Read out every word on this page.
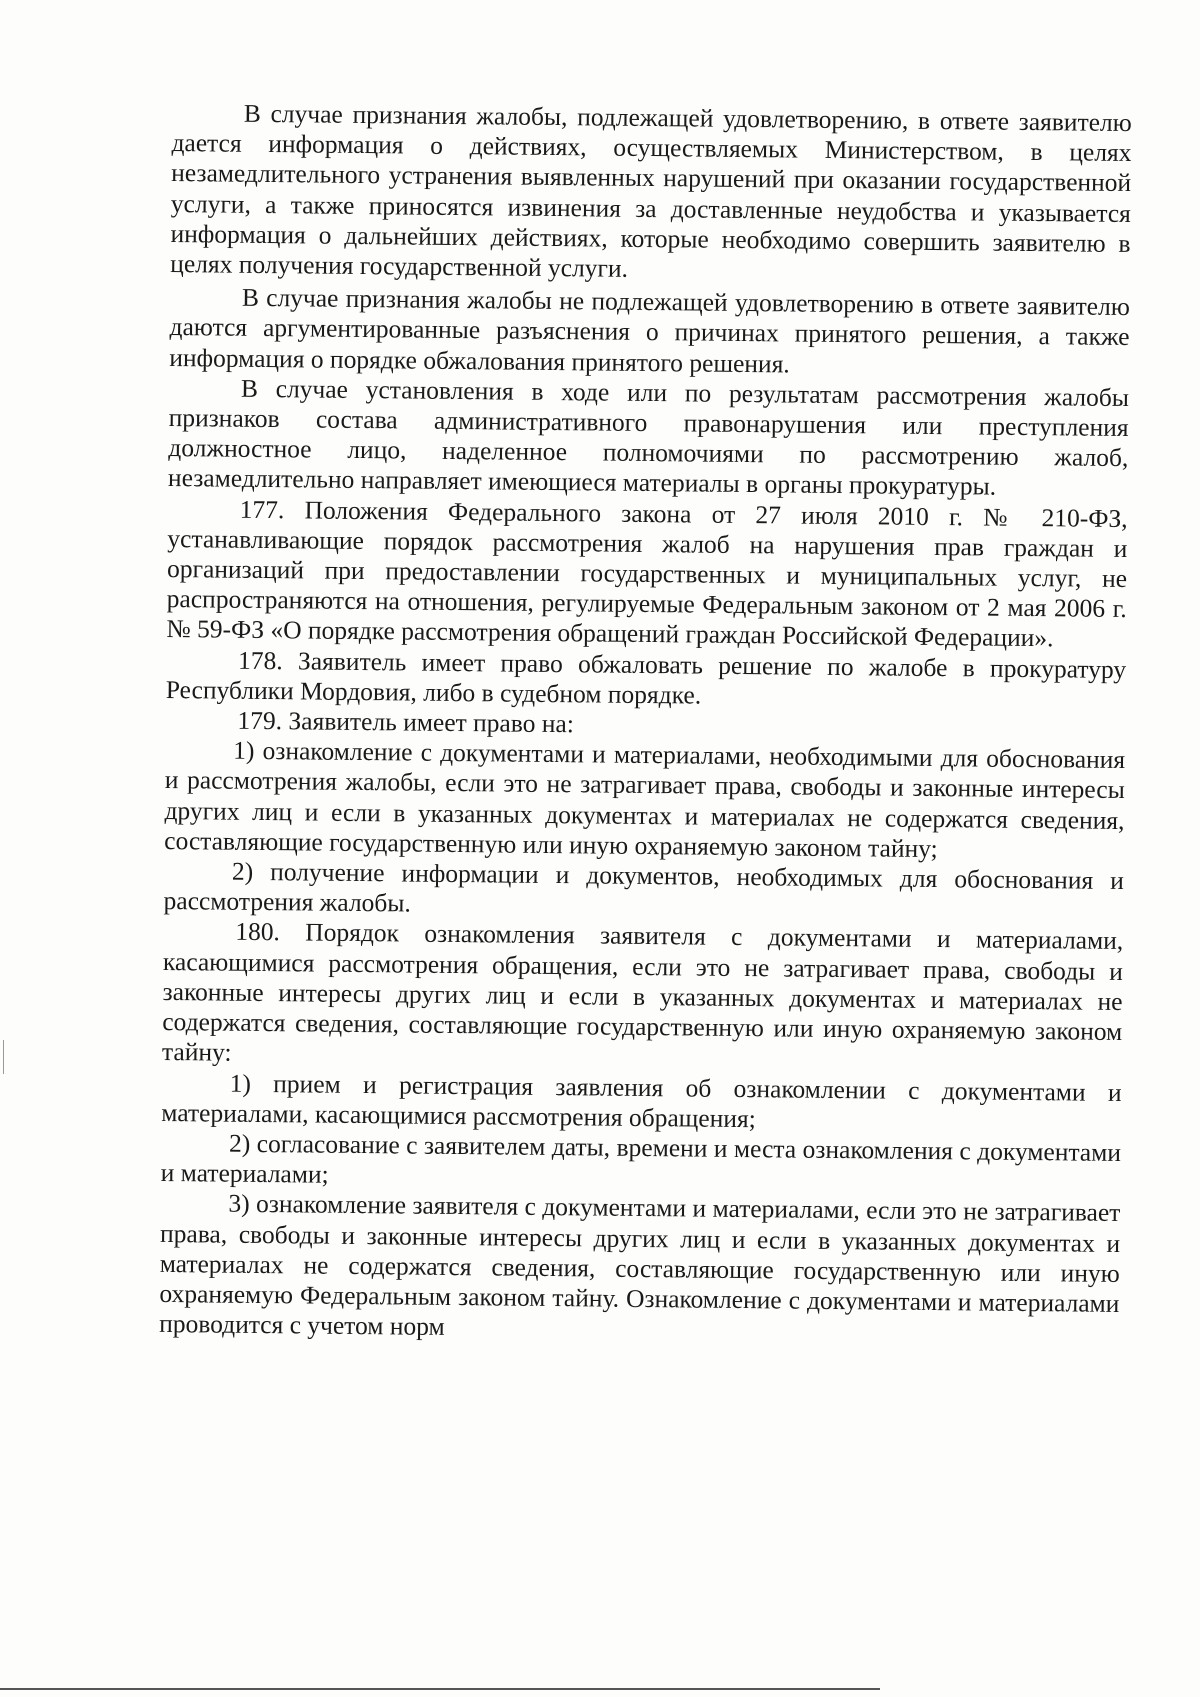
В случае признания жалобы, подлежащей удовлетворению, в ответе заявителю дается информация о действиях, осуществляемых Министерством, в целях незамедлительного устранения выявленных нарушений при оказании государственной услуги, а также приносятся извинения за доставленные неудобства и указывается информация о дальнейших действиях, которые необходимо совершить заявителю в целях получения государственной услуги.

В случае признания жалобы не подлежащей удовлетворению в ответе заявителю даются аргументированные разъяснения о причинах принятого решения, а также информация о порядке обжалования принятого решения.

В случае установления в ходе или по результатам рассмотрения жалобы признаков состава административного правонарушения или преступления должностное лицо, наделенное полномочиями по рассмотрению жалоб, незамедлительно направляет имеющиеся материалы в органы прокуратуры.

177. Положения Федерального закона от 27 июля 2010 г. № 210-ФЗ, устанавливающие порядок рассмотрения жалоб на нарушения прав граждан и организаций при предоставлении государственных и муниципальных услуг, не распространяются на отношения, регулируемые Федеральным законом от 2 мая 2006 г. № 59-ФЗ «О порядке рассмотрения обращений граждан Российской Федерации».

178. Заявитель имеет право обжаловать решение по жалобе в прокуратуру Республики Мордовия, либо в судебном порядке.

179. Заявитель имеет право на:

1) ознакомление с документами и материалами, необходимыми для обоснования и рассмотрения жалобы, если это не затрагивает права, свободы и законные интересы других лиц и если в указанных документах и материалах не содержатся сведения, составляющие государственную или иную охраняемую законом тайну;

2) получение информации и документов, необходимых для обоснования и рассмотрения жалобы.

180. Порядок ознакомления заявителя с документами и материалами, касающимися рассмотрения обращения, если это не затрагивает права, свободы и законные интересы других лиц и если в указанных документах и материалах не содержатся сведения, составляющие государственную или иную охраняемую законом тайну:

1) прием и регистрация заявления об ознакомлении с документами и материалами, касающимися рассмотрения обращения;

2) согласование с заявителем даты, времени и места ознакомления с документами и материалами;

3) ознакомление заявителя с документами и материалами, если это не затрагивает права, свободы и законные интересы других лиц и если в указанных документах и материалах не содержатся сведения, составляющие государственную или иную охраняемую Федеральным законом тайну. Ознакомление с документами и материалами проводится с учетом норм
